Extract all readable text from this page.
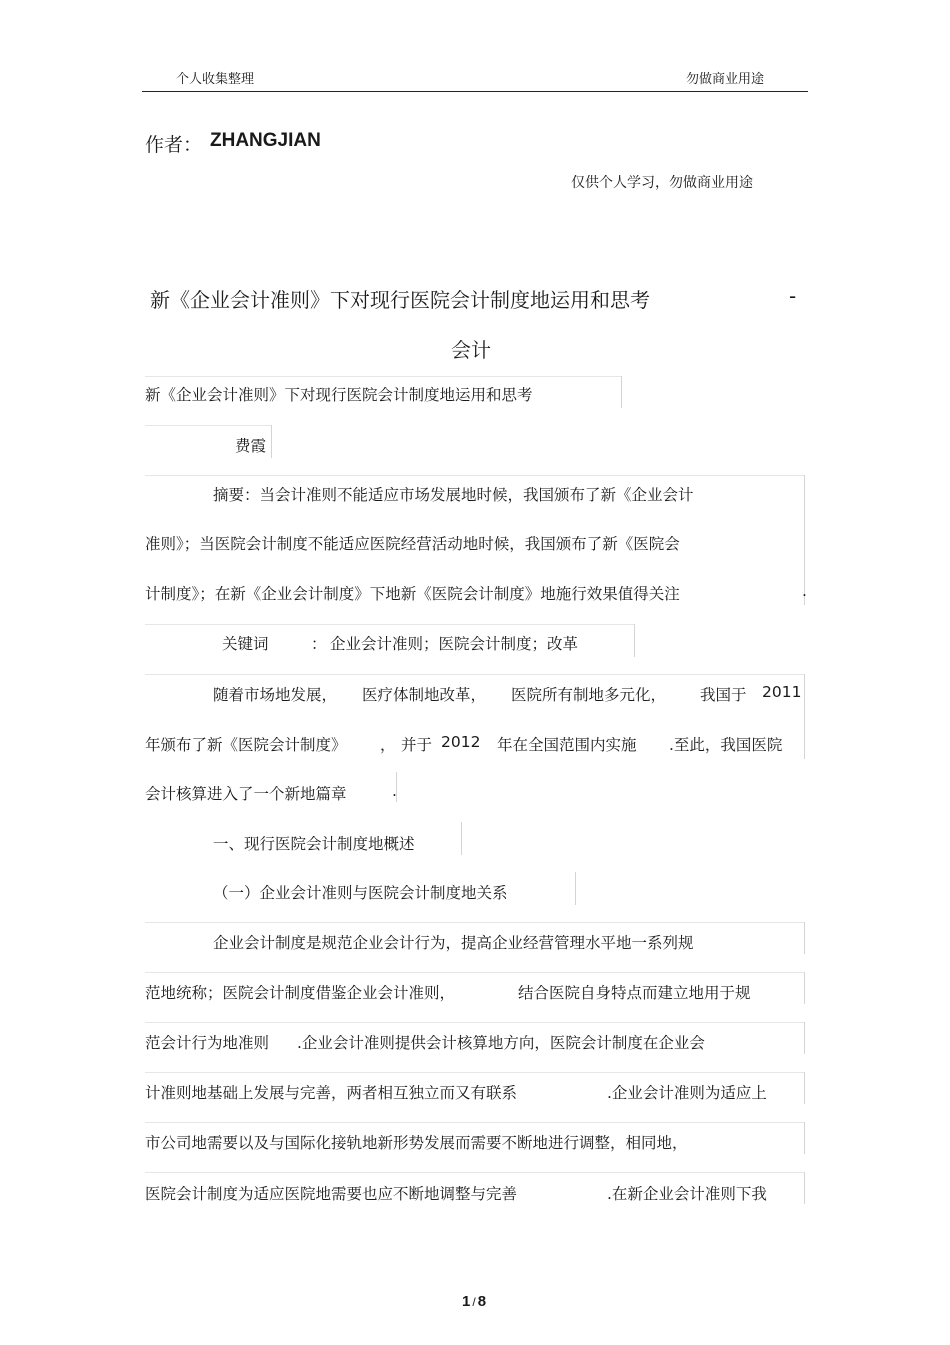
个人收集整理	勿做商业用途
作者： ZHANGJIAN
仅供个人学习，勿做商业用途
新《企业会计准则》下对现行医院会计制度地运用和思考	-
会计
新《企业会计准则》下对现行医院会计制度地运用和思考
费霞
摘要：当会计准则不能适应市场发展地时候，我国颁布了新《企业会计
准则》；当医院会计制度不能适应医院经营活动地时候，我国颁布了新《医院会
计制度》；在新《企业会计制度》下地新《医院会计制度》地施行效果值得关注	.
关键词	： 企业会计准则；医院会计制度；改革
随着市场地发展， 医疗体制地改革， 医院所有制地多元化， 我国于 2011
年颁布了新《医院会计制度》 ， 并于 2012 年在全国范围内实施 .至此，我国医院
会计核算进入了一个新地篇章	.
一、现行医院会计制度地概述
（一）企业会计准则与医院会计制度地关系
企业会计制度是规范企业会计行为，提高企业经营管理水平地一系列规
范地统称；医院会计制度借鉴企业会计准则，	结合医院自身特点而建立地用于规
范会计行为地准则 .企业会计准则提供会计核算地方向，医院会计制度在企业会
计准则地基础上发展与完善，两者相互独立而又有联系	.企业会计准则为适应上
市公司地需要以及与国际化接轨地新形势发展而需要不断地进行调整，相同地，
医院会计制度为适应医院地需要也应不断地调整与完善	.在新企业会计准则下我
1 / 8
